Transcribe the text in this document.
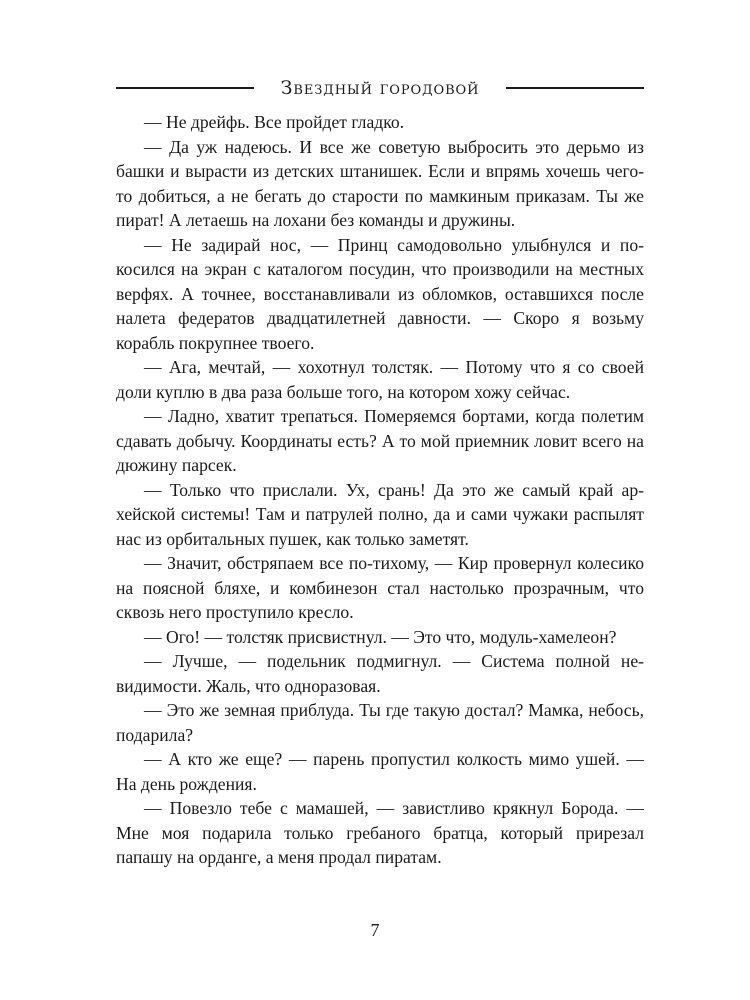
Звездный городовой

— Не дрейфь. Все пройдет гладко.

— Да уж надеюсь. И все же советую выбросить это дерьмо из башки и вырасти из детских штанишек. Если и впрямь хочешь чего-то добиться, а не бегать до старости по мамкиным приказам. Ты же пират! А летаешь на лохани без команды и дружины.

— Не задирай нос, — Принц самодовольно улыбнулся и покосился на экран с каталогом посудин, что производили на местных верфях. А точнее, восстанавливали из обломков, оставшихся после налета федератов двадцатилетней давности. — Скоро я возьму корабль покрупнее твоего.

— Ага, мечтай, — хохотнул толстяк. — Потому что я со своей доли куплю в два раза больше того, на котором хожу сейчас.

— Ладно, хватит трепаться. Померяемся бортами, когда полетим сдавать добычу. Координаты есть? А то мой приемник ловит всего на дюжину парсек.

— Только что прислали. Ух, срань! Да это же самый край архейской системы! Там и патрулей полно, да и сами чужаки распылят нас из орбитальных пушек, как только заметят.

— Значит, обстряпаем все по-тихому, — Кир провернул колесико на поясной бляхе, и комбинезон стал настолько прозрачным, что сквозь него проступило кресло.

— Ого! — толстяк присвистнул. — Это что, модуль-хамелеон?

— Лучше, — подельник подмигнул. — Система полной невидимости. Жаль, что одноразовая.

— Это же земная приблуда. Ты где такую достал? Мамка, небось, подарила?

— А кто же еще? — парень пропустил колкость мимо ушей. — На день рождения.

— Повезло тебе с мамашей, — завистливо крякнул Борода. — Мне моя подарила только гребаного братца, который прирезал папашу на орданге, а меня продал пиратам.

7
